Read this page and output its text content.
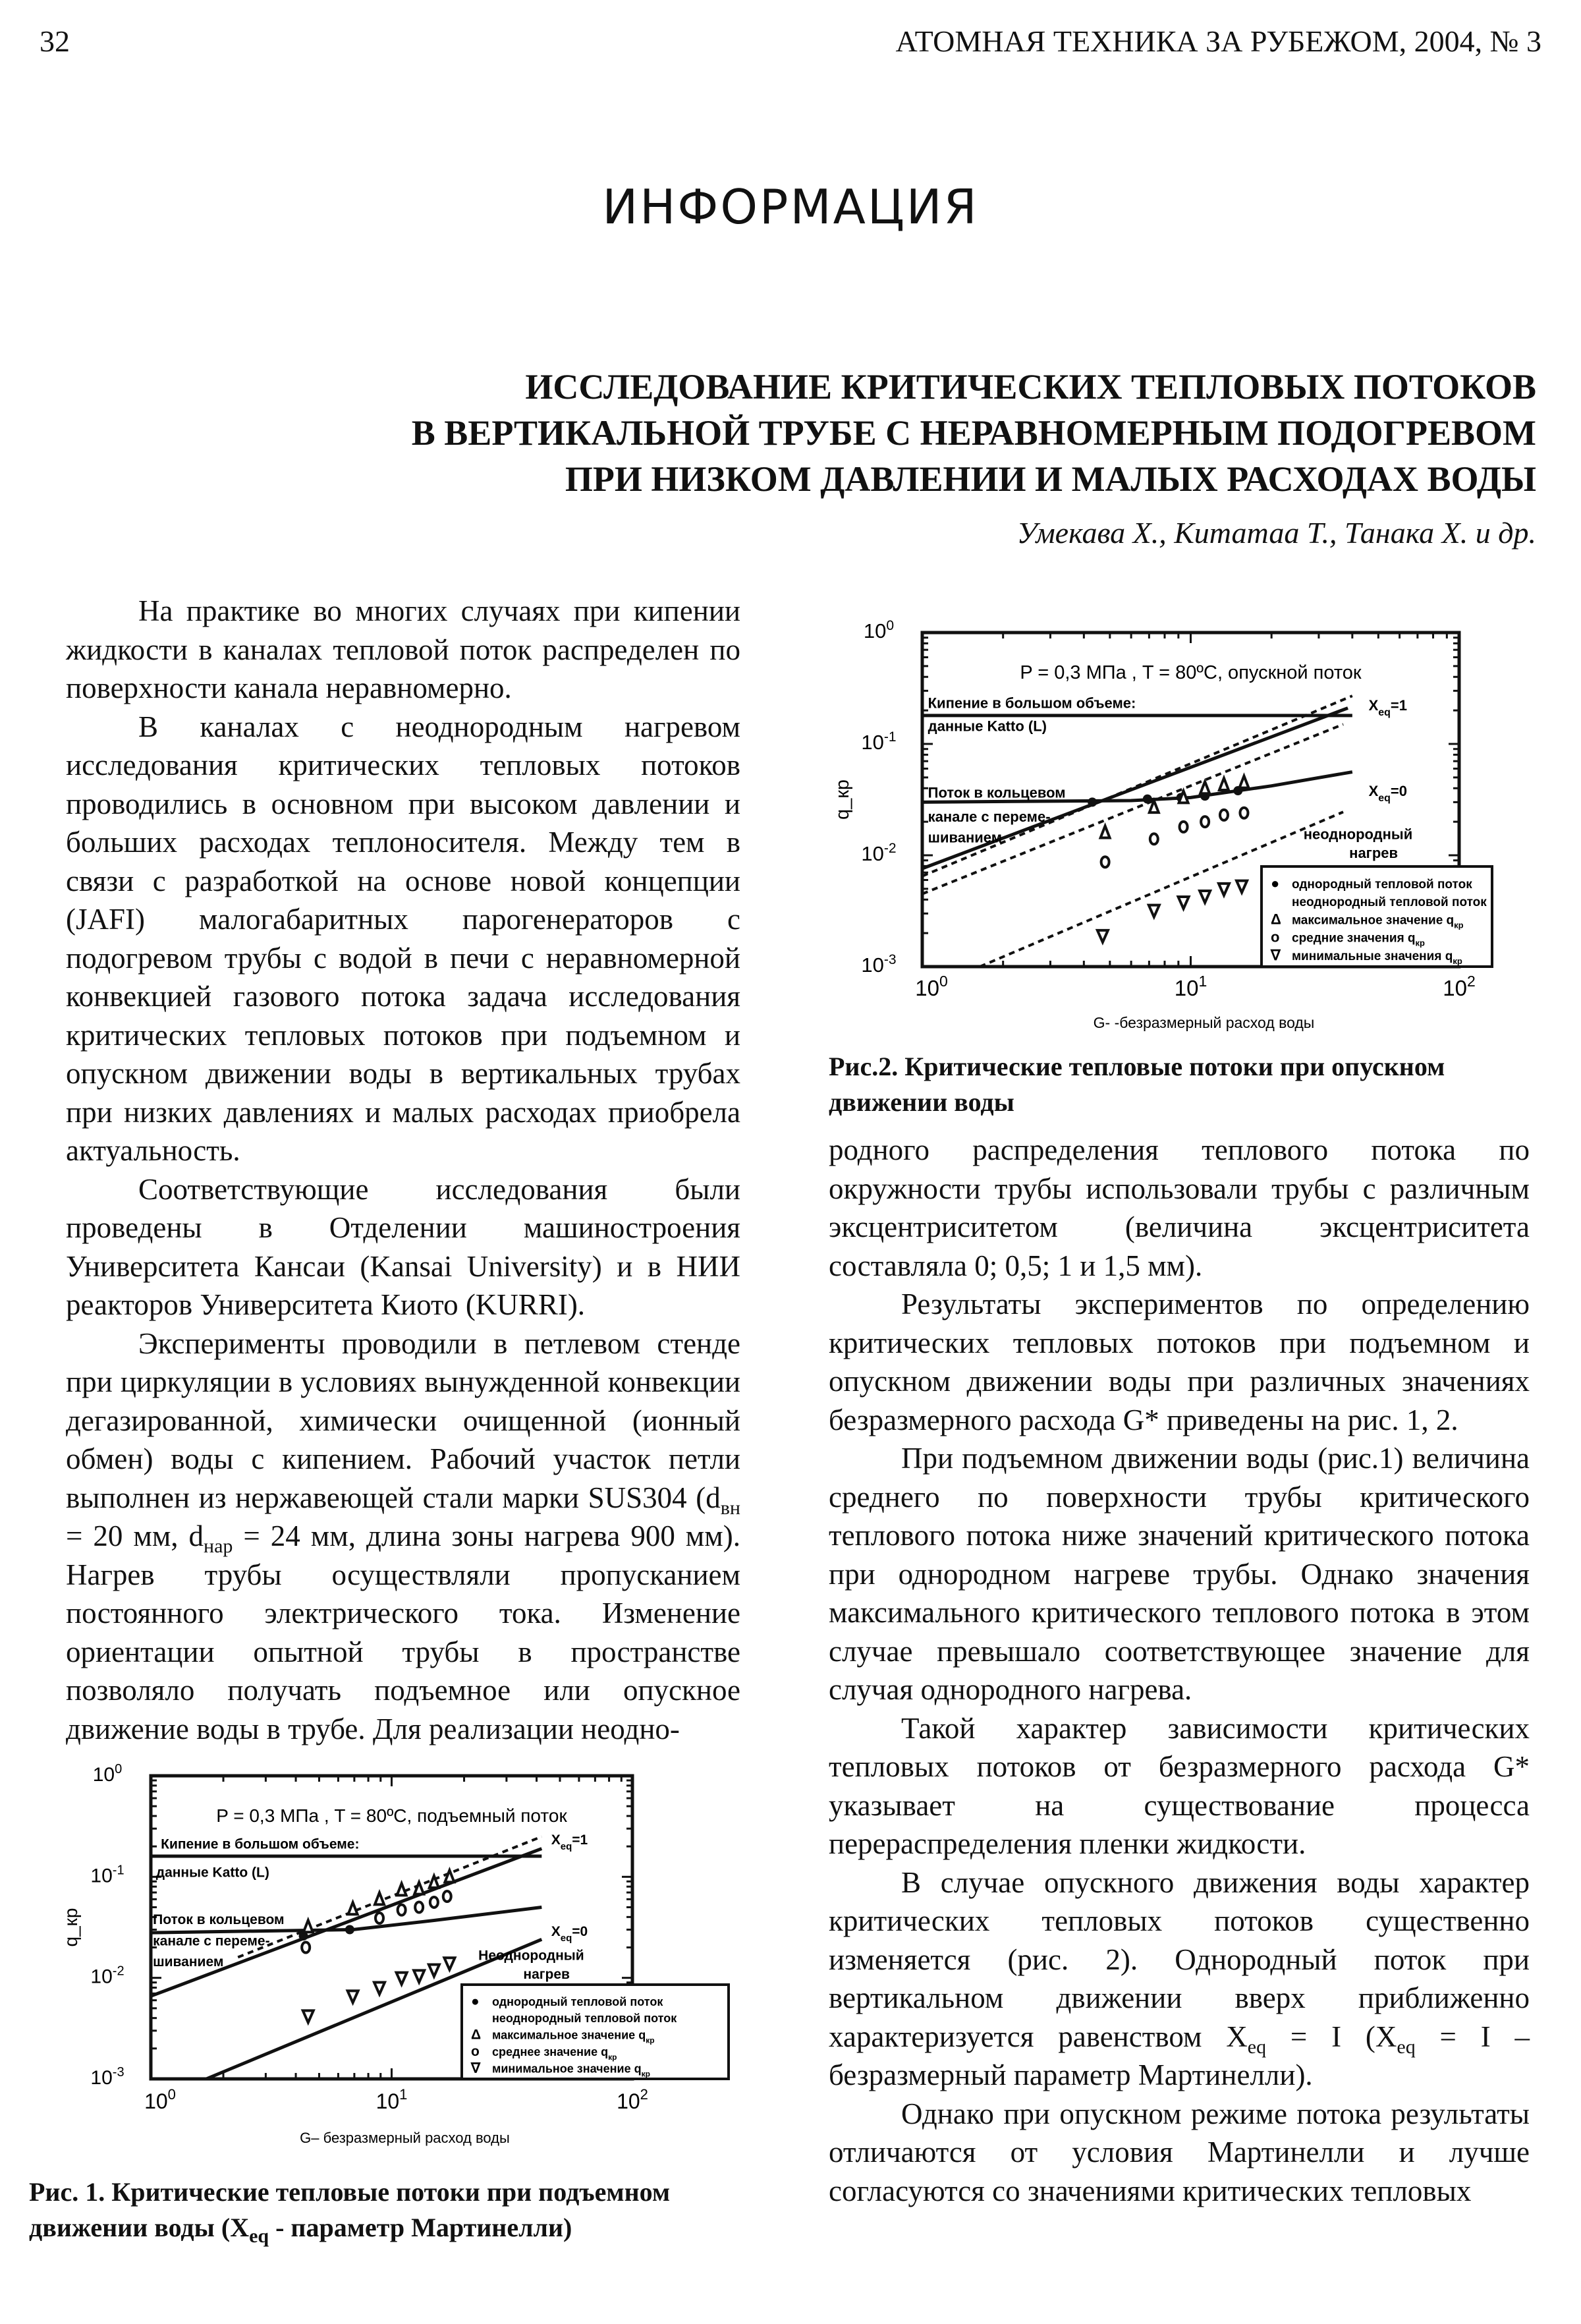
32	АТОМНАЯ ТЕХНИКА ЗА РУБЕЖОМ, 2004, № 3
ИНФОРМАЦИЯ
ИССЛЕДОВАНИЕ КРИТИЧЕСКИХ ТЕПЛОВЫХ ПОТОКОВ
В ВЕРТИКАЛЬНОЙ ТРУБЕ С НЕРАВНОМЕРНЫМ ПОДОГРЕВОМ
ПРИ НИЗКОМ ДАВЛЕНИИ И МАЛЫХ РАСХОДАХ ВОДЫ
Умекава Х., Китатаа Т., Танака Х. и др.

На практике во многих случаях при кипении жидкости в каналах тепловой поток распределен по поверхности канала неравномерно.

В каналах с неоднородным нагревом исследования критических тепловых потоков проводились в основном при высоком давлении и больших расходах теплоносителя. Между тем в связи с разработкой на основе новой концепции (JAFI) малогабаритных парогенераторов с подогревом трубы с водой в печи с неравномерной конвекцией газового потока задача исследования критических тепловых потоков при подъемном и опускном движении воды в вертикальных трубах при низких давлениях и малых расходах приобрела актуальность.

Соответствующие исследования были проведены в Отделении машиностроения Университета Кансаи (Kansai University) и в НИИ реакторов Университета Киото (KURRI).

Эксперименты проводили в петлевом стенде при циркуляции в условиях вынужденной конвекции дегазированной, химически очищенной (ионный обмен) воды с кипением. Рабочий участок петли выполнен из нержавеющей стали марки SUS304 ($d_{вн} = 20$ мм, $d_{нар} = 24$ мм, длина зоны нагрева 900 мм). Нагрев трубы осуществляли пропусканием постоянного электрического тока. Изменение ориентации опытной трубы в пространстве позволяло получать подъемное или опускное движение воды в трубе. Для реализации неодно-

$10^0$	$10^1$	$10^2$
$10^0$
$10^{-1}$
$10^{-2}$
$10^{-3}$
P = 0,3 МПа , T = 80ºC, опускной поток
G- -безразмерный расход воды
q_кр
Кипение в большом объеме:
данные Katto (L)
Поток в кольцевом
канале с переме-
шиванием
$X_{eq}=1$
$X_{eq}=0$
неоднородный
нагрев
● однородный тепловой поток
неоднородный тепловой поток
Δ максимальное значение $q_{кр}$
o средние значения $q_{кр}$
∇ минимальные значения $q_{кр}$
Рис.2. Критические тепловые потоки при опускном движении воды

родного распределения теплового потока по окружности трубы использовали трубы с различным эксцентриситетом (величина эксцентриситета составляла 0; 0,5; 1 и 1,5 мм).

Результаты экспериментов по определению критических тепловых потоков при подъемном и опускном движении воды при различных значениях безразмерного расхода G* приведены на рис. 1, 2.

При подъемном движении воды (рис.1) величина среднего по поверхности трубы критического теплового потока ниже значений критического потока при однородном нагреве трубы. Однако значения максимального критического теплового потока в этом случае превышало соответствующее значение для случая однородного нагрева.

Такой характер зависимости критических тепловых потоков от безразмерного расхода G* указывает на существование процесса перераспределения пленки жидкости.

В случае опускного движения воды характер критических тепловых потоков существенно изменяется (рис. 2). Однородный поток при вертикальном движении вверх приближенно характеризуется равенством $X_{eq} = I$ ($X_{eq} = I$ – безразмерный параметр Мартинелли).

Однако при опускном режиме потока результаты отличаются от условия Мартинелли и лучше согласуются со значениями критических тепловых

$10^0$	$10^1$	$10^2$
$10^0$
$10^{-1}$
$10^{-2}$
$10^{-3}$
P = 0,3 МПа , T = 80ºC, подъемный поток
G– безразмерный расход воды
q_кр
Кипение в большом объеме:
данные Katto (L)
Поток в кольцевом
канале с переме-
шиванием
$X_{eq}=1$
$X_{eq}=0$
Неоднородный
нагрев
● однородный тепловой поток
неоднородный тепловой поток
Δ максимальное значение $q_{кр}$
o среднее значение $q_{кр}$
∇ минимальное значение $q_{кр}$
Рис. 1. Критические тепловые потоки при подъемном движении воды ($X_{eq}$ - параметр Мартинелли)
